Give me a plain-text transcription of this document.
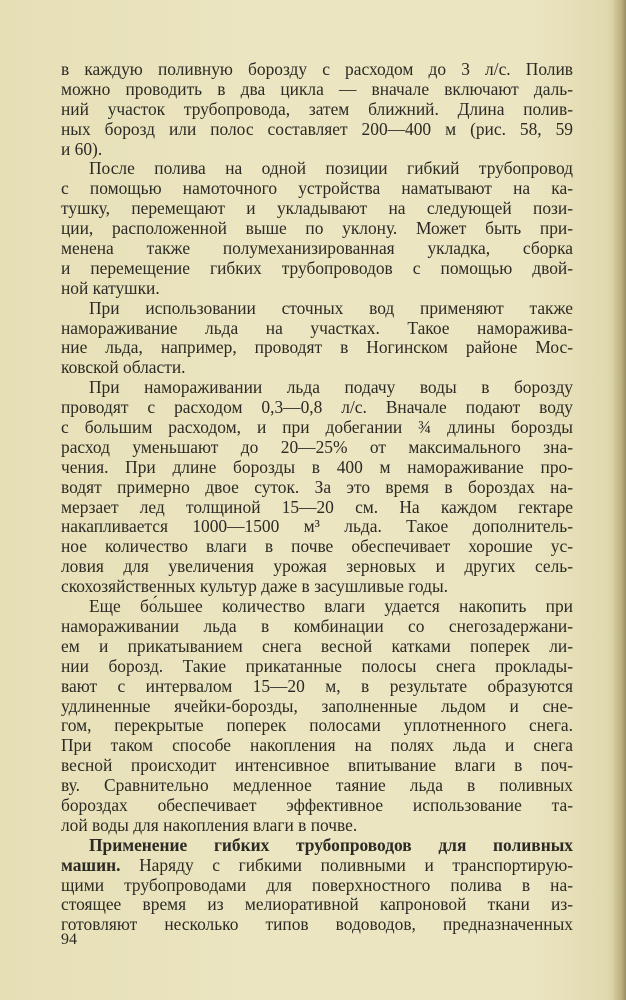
в каждую поливную борозду с расходом до 3 л/с. Полив
можно проводить в два цикла — вначале включают даль-
ний участок трубопровода, затем ближний. Длина полив-
ных борозд или полос составляет 200—400 м (рис. 58, 59
и 60).
После полива на одной позиции гибкий трубопровод
с помощью намоточного устройства наматывают на ка-
тушку, перемещают и укладывают на следующей пози-
ции, расположенной выше по уклону. Может быть при-
менена также полумеханизированная укладка, сборка
и перемещение гибких трубопроводов с помощью двой-
ной катушки.
При использовании сточных вод применяют также
намораживание льда на участках. Такое наморажива-
ние льда, например, проводят в Ногинском районе Мос-
ковской области.
При намораживании льда подачу воды в борозду
проводят с расходом 0,3—0,8 л/с. Вначале подают воду
с большим расходом, и при добегании ¾ длины борозды
расход уменьшают до 20—25% от максимального зна-
чения. При длине борозды в 400 м намораживание про-
водят примерно двое суток. За это время в бороздах на-
мерзает лед толщиной 15—20 см. На каждом гектаре
накапливается 1000—1500 м³ льда. Такое дополнитель-
ное количество влаги в почве обеспечивает хорошие ус-
ловия для увеличения урожая зерновых и других сель-
скохозяйственных культур даже в засушливые годы.
Еще бо́льшее количество влаги удается накопить при
намораживании льда в комбинации со снегозадержани-
ем и прикатыванием снега весной катками поперек ли-
нии борозд. Такие прикатанные полосы снега проклады-
вают с интервалом 15—20 м, в результате образуются
удлиненные ячейки-борозды, заполненные льдом и сне-
гом, перекрытые поперек полосами уплотненного снега.
При таком способе накопления на полях льда и снега
весной происходит интенсивное впитывание влаги в поч-
ву. Сравнительно медленное таяние льда в поливных
бороздах обеспечивает эффективное использование та-
лой воды для накопления влаги в почве.
Применение гибких трубопроводов для поливных
машин. Наряду с гибкими поливными и транспортирую-
щими трубопроводами для поверхностного полива в на-
стоящее время из мелиоративной капроновой ткани из-
готовляют несколько типов водоводов, предназначенных
94
